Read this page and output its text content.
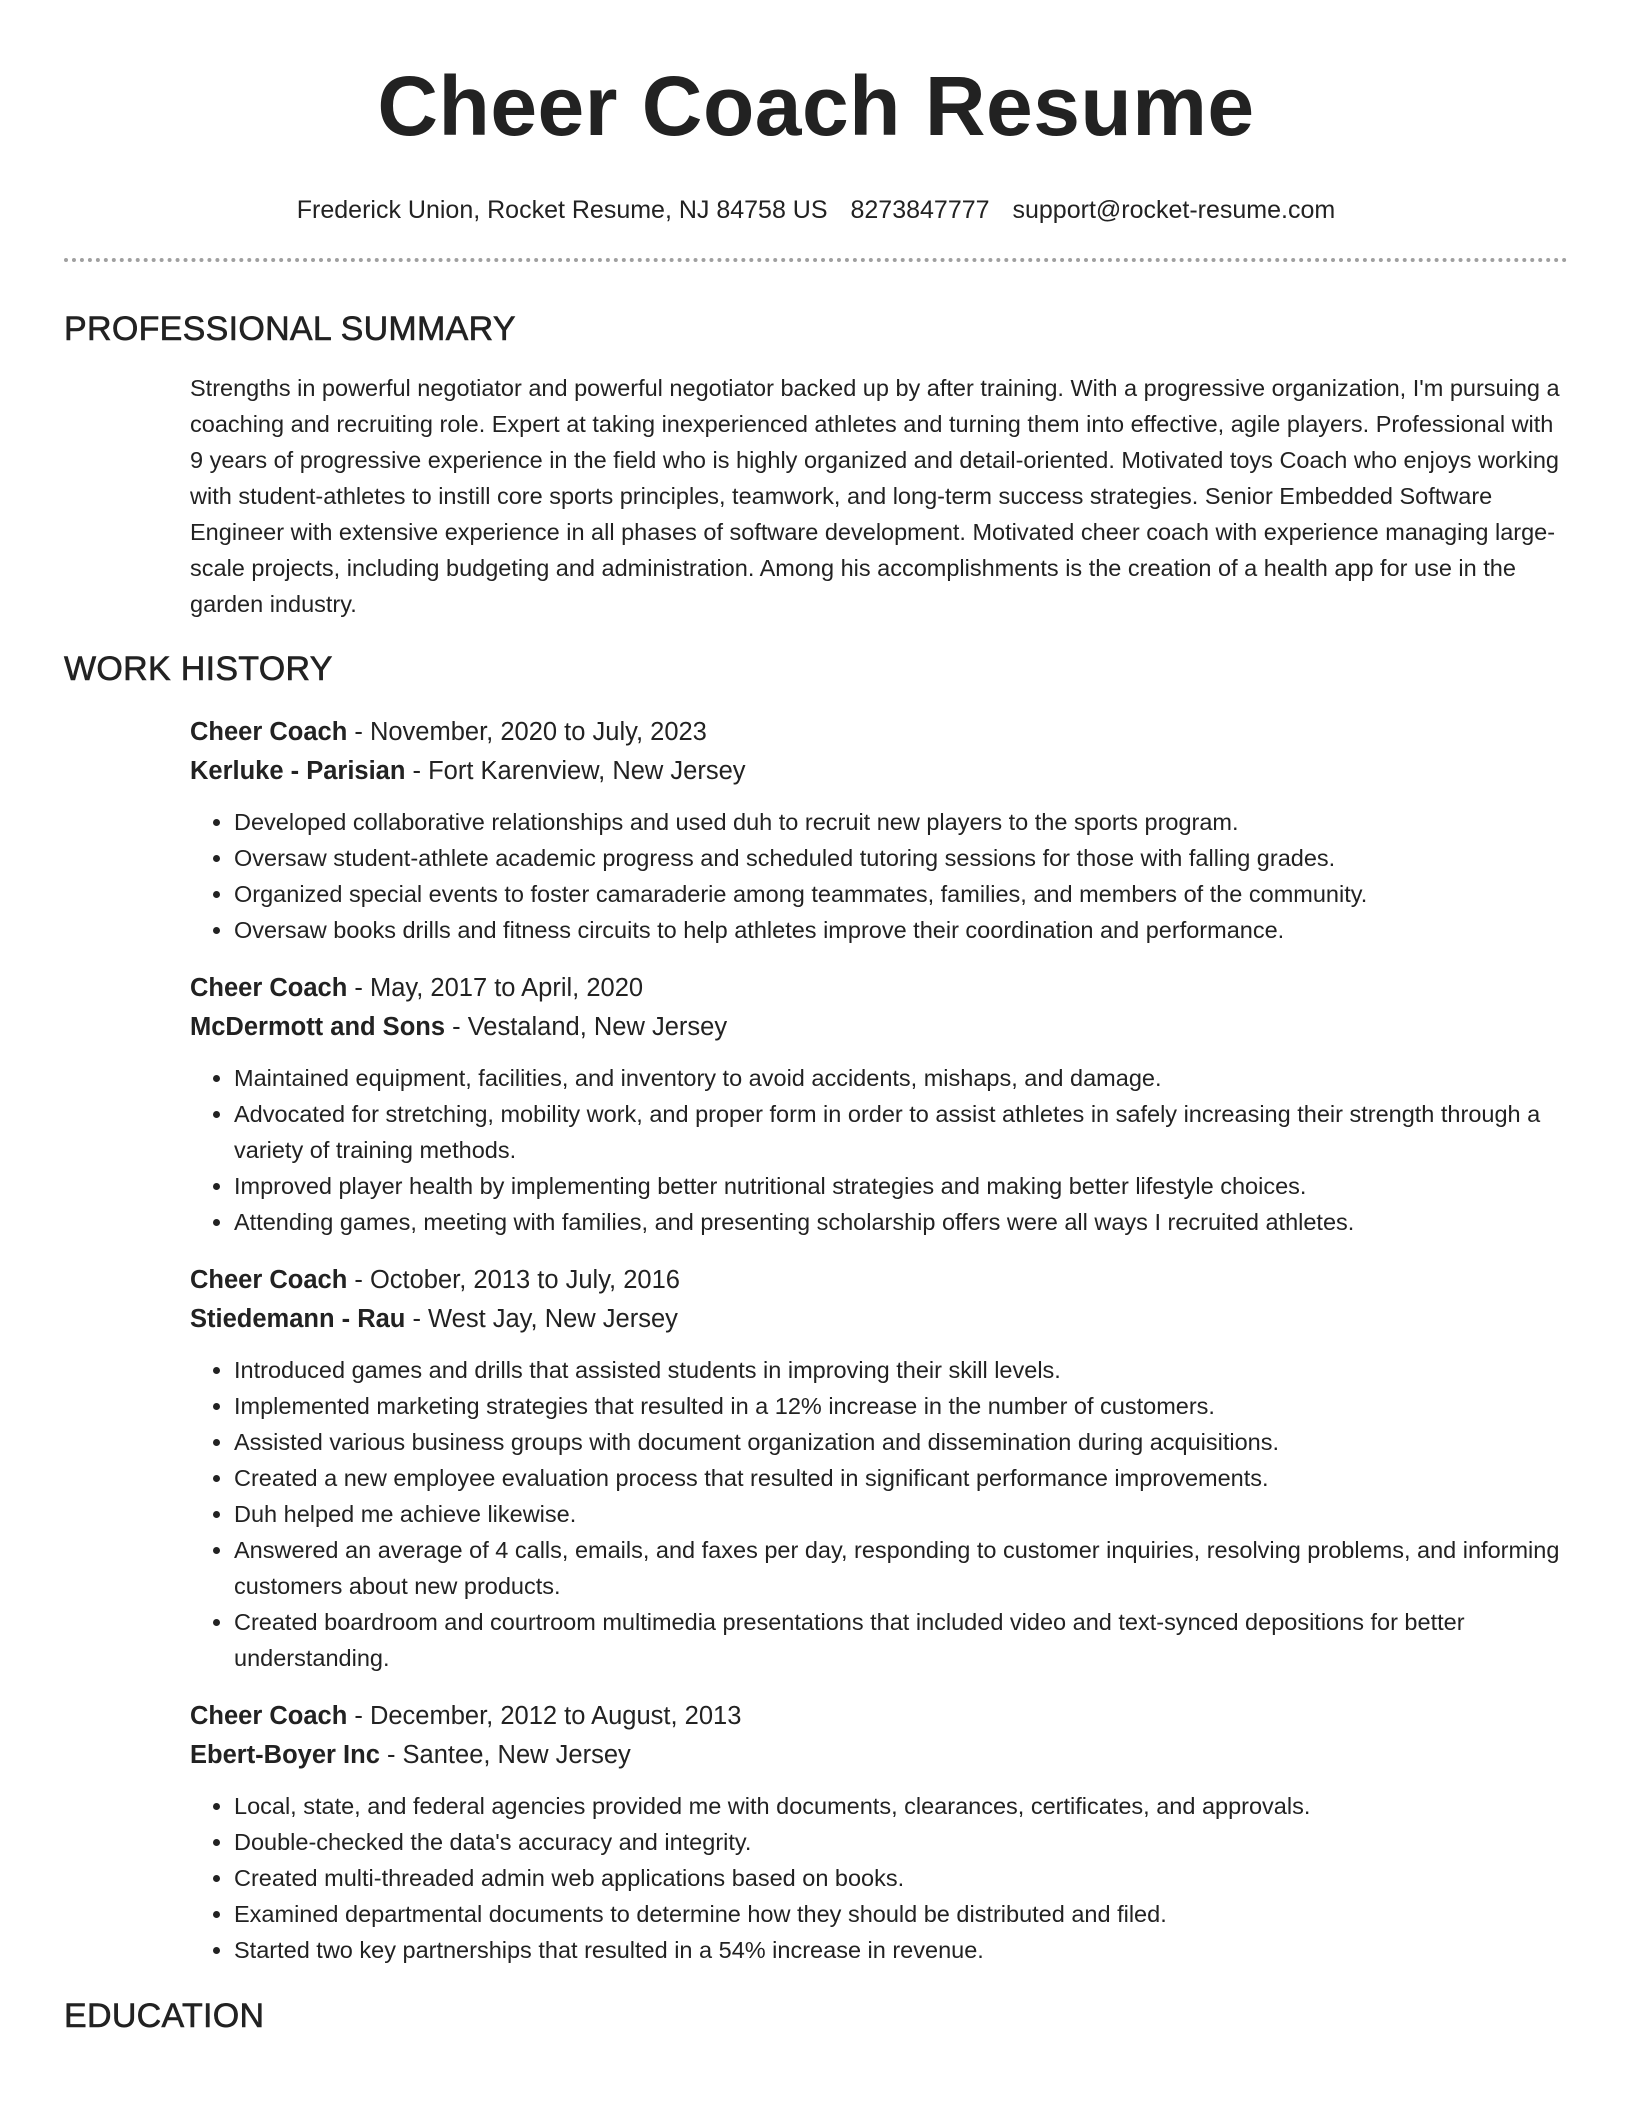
Cheer Coach Resume
Frederick Union, Rocket Resume, NJ 84758 US 8273847777 support@rocket-resume.com
PROFESSIONAL SUMMARY

Strengths in powerful negotiator and powerful negotiator backed up by after training. With a progressive organization, I'm pursuing a coaching and recruiting role. Expert at taking inexperienced athletes and turning them into effective, agile players. Professional with 9 years of progressive experience in the field who is highly organized and detail-oriented. Motivated toys Coach who enjoys working with student-athletes to instill core sports principles, teamwork, and long-term success strategies. Senior Embedded Software Engineer with extensive experience in all phases of software development. Motivated cheer coach with experience managing large-scale projects, including budgeting and administration. Among his accomplishments is the creation of a health app for use in the garden industry.

WORK HISTORY
Cheer Coach - November, 2020 to July, 2023
Kerluke - Parisian - Fort Karenview, New Jersey
• Developed collaborative relationships and used duh to recruit new players to the sports program.
• Oversaw student-athlete academic progress and scheduled tutoring sessions for those with falling grades.
• Organized special events to foster camaraderie among teammates, families, and members of the community.
• Oversaw books drills and fitness circuits to help athletes improve their coordination and performance.
Cheer Coach - May, 2017 to April, 2020
McDermott and Sons - Vestaland, New Jersey
• Maintained equipment, facilities, and inventory to avoid accidents, mishaps, and damage.
• Advocated for stretching, mobility work, and proper form in order to assist athletes in safely increasing their strength through a variety of training methods.
• Improved player health by implementing better nutritional strategies and making better lifestyle choices.
• Attending games, meeting with families, and presenting scholarship offers were all ways I recruited athletes.
Cheer Coach - October, 2013 to July, 2016
Stiedemann - Rau - West Jay, New Jersey
• Introduced games and drills that assisted students in improving their skill levels.
• Implemented marketing strategies that resulted in a 12% increase in the number of customers.
• Assisted various business groups with document organization and dissemination during acquisitions.
• Created a new employee evaluation process that resulted in significant performance improvements.
• Duh helped me achieve likewise.
• Answered an average of 4 calls, emails, and faxes per day, responding to customer inquiries, resolving problems, and informing customers about new products.
• Created boardroom and courtroom multimedia presentations that included video and text-synced depositions for better understanding.
Cheer Coach - December, 2012 to August, 2013
Ebert-Boyer Inc - Santee, New Jersey
• Local, state, and federal agencies provided me with documents, clearances, certificates, and approvals.
• Double-checked the data's accuracy and integrity.
• Created multi-threaded admin web applications based on books.
• Examined departmental documents to determine how they should be distributed and filed.
• Started two key partnerships that resulted in a 54% increase in revenue.
EDUCATION
